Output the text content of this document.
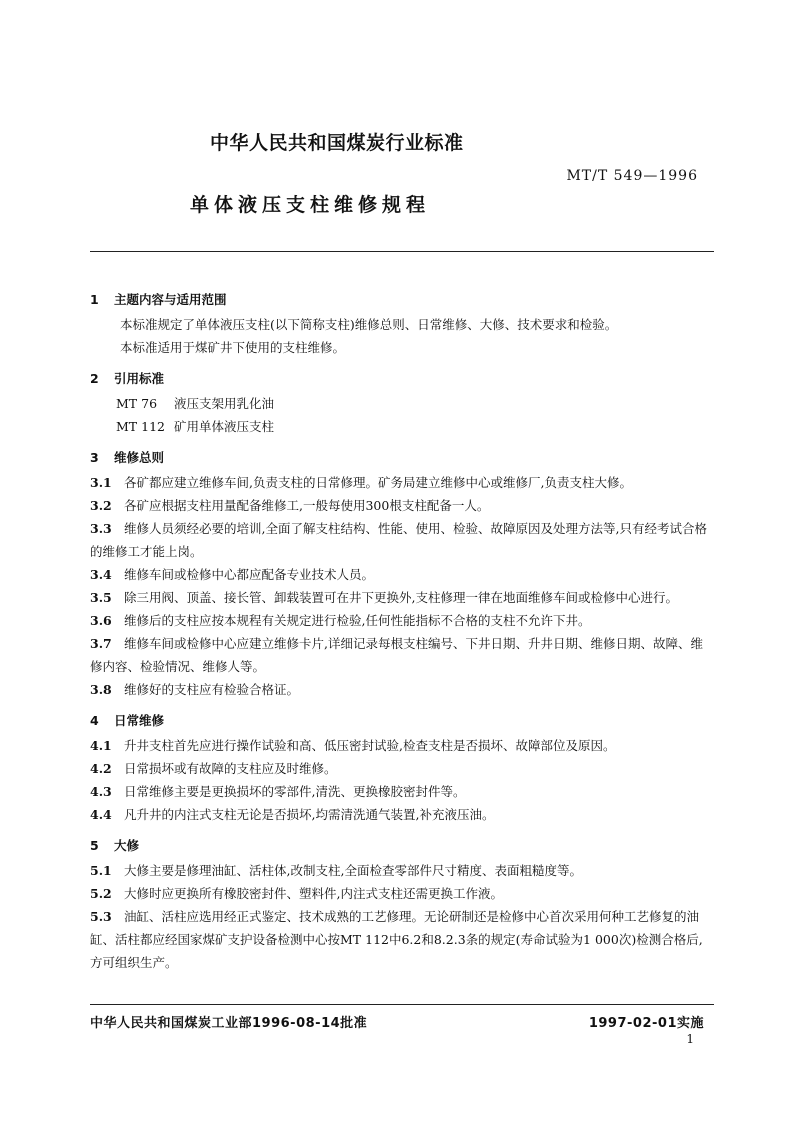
中华人民共和国煤炭行业标准
MT/T 549—1996
单体液压支柱维修规程
1 主题内容与适用范围
本标准规定了单体液压支柱(以下简称支柱)维修总则、日常维修、大修、技术要求和检验。
本标准适用于煤矿井下使用的支柱维修。
2 引用标准
MT 76 液压支架用乳化油
MT 112 矿用单体液压支柱
3 维修总则
3.1 各矿都应建立维修车间,负责支柱的日常修理。矿务局建立维修中心或维修厂,负责支柱大修。
3.2 各矿应根据支柱用量配备维修工,一般每使用300根支柱配备一人。
3.3 维修人员须经必要的培训,全面了解支柱结构、性能、使用、检验、故障原因及处理方法等,只有经考试合格的维修工才能上岗。
3.4 维修车间或检修中心都应配备专业技术人员。
3.5 除三用阀、顶盖、接长管、卸载装置可在井下更换外,支柱修理一律在地面维修车间或检修中心进行。
3.6 维修后的支柱应按本规程有关规定进行检验,任何性能指标不合格的支柱不允许下井。
3.7 维修车间或检修中心应建立维修卡片,详细记录每根支柱编号、下井日期、升井日期、维修日期、故障、维修内容、检验情况、维修人等。
3.8 维修好的支柱应有检验合格证。
4 日常维修
4.1 升井支柱首先应进行操作试验和高、低压密封试验,检查支柱是否损坏、故障部位及原因。
4.2 日常损坏或有故障的支柱应及时维修。
4.3 日常维修主要是更换损坏的零部件,清洗、更换橡胶密封件等。
4.4 凡升井的内注式支柱无论是否损坏,均需清洗通气装置,补充液压油。
5 大修
5.1 大修主要是修理油缸、活柱体,改制支柱,全面检查零部件尺寸精度、表面粗糙度等。
5.2 大修时应更换所有橡胶密封件、塑料件,内注式支柱还需更换工作液。
5.3 油缸、活柱应选用经正式鉴定、技术成熟的工艺修理。无论研制还是检修中心首次采用何种工艺修复的油缸、活柱都应经国家煤矿支护设备检测中心按MT 112中6.2和8.2.3条的规定(寿命试验为1 000次)检测合格后,方可组织生产。
中华人民共和国煤炭工业部1996-08-14批准	1997-02-01实施
1
